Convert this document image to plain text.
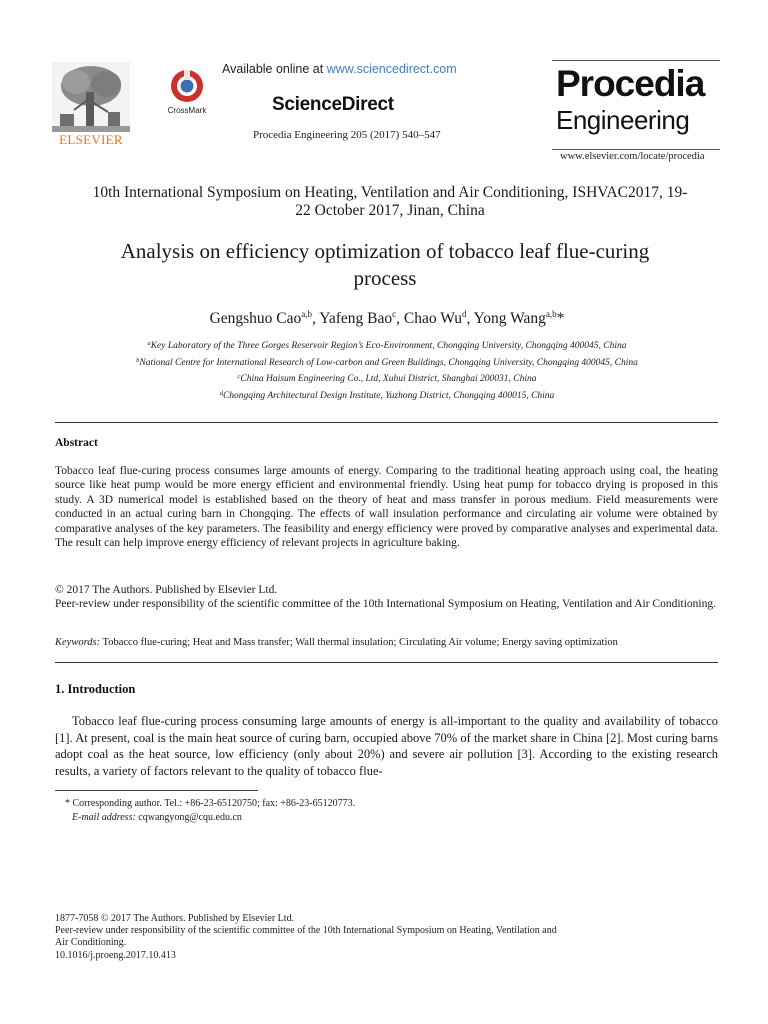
ELSEVIER
CrossMark
Available online at www.sciencedirect.com
ScienceDirect
Procedia Engineering 205 (2017) 540–547
Procedia
Engineering
www.elsevier.com/locate/procedia
10th International Symposium on Heating, Ventilation and Air Conditioning, ISHVAC2017, 19-
22 October 2017, Jinan, China
Analysis on efficiency optimization of tobacco leaf flue-curing
process
Gengshuo Cao$^{a,b}$, Yafeng Bao$^c$, Chao Wu$^d$, Yong Wang$^{a,b}$*
$^a$Key Laboratory of the Three Gorges Reservoir Region’s Eco-Environment, Chongqing University, Chongqing 400045, China
$^b$National Centre for International Research of Low-carbon and Green Buildings, Chongqing University, Chongqing 400045, China
$^c$China Haisum Engineering Co., Ltd, Xuhui District, Shanghai 200031, China
$^d$Chongqing Architectural Design Institute, Yuzhong District, Chongqing 400015, China
Abstract
Tobacco leaf flue-curing process consumes large amounts of energy. Comparing to the traditional heating approach using coal, the heating source like heat pump would be more energy efficient and environmental friendly. Using heat pump for tobacco drying is proposed in this study. A 3D numerical model is established based on the theory of heat and mass transfer in porous medium. Field measurements were conducted in an actual curing barn in Chongqing. The effects of wall insulation performance and circulating air volume were obtained by comparative analyses of the key parameters. The feasibility and energy efficiency were proved by comparative analyses and experimental data. The result can help improve energy efficiency of relevant projects in agriculture baking.
© 2017 The Authors. Published by Elsevier Ltd.
Peer-review under responsibility of the scientific committee of the 10th International Symposium on Heating, Ventilation and Air Conditioning.
Keywords: Tobacco flue-curing; Heat and Mass transfer; Wall thermal insulation; Circulating Air volume; Energy saving optimization
1. Introduction
Tobacco leaf flue-curing process consuming large amounts of energy is all-important to the quality and availability of tobacco [1]. At present, coal is the main heat source of curing barn, occupied above 70% of the market share in China [2]. Most curing barns adopt coal as the heat source, low efficiency (only about 20%) and severe air pollution [3]. According to the existing research results, a variety of factors relevant to the quality of tobacco flue-
* Corresponding author. Tel.: +86-23-65120750; fax: +86-23-65120773.
E-mail address: cqwangyong@cqu.edu.cn
1877-7058 © 2017 The Authors. Published by Elsevier Ltd.
Peer-review under responsibility of the scientific committee of the 10th International Symposium on Heating, Ventilation and
Air Conditioning.
10.1016/j.proeng.2017.10.413
